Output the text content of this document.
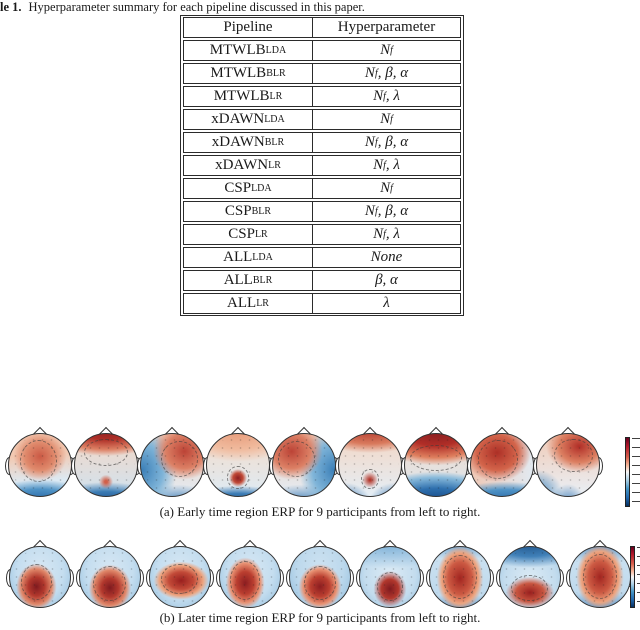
le 1. Hyperparameter summary for each pipeline discussed in this paper.
Pipeline	Hyperparameter
MTWLB LDA	N f
MTWLB BLR	N f , β, α
MTWLB LR	N f , λ
xDAWN LDA	N f
xDAWN BLR	N f , β, α
xDAWN LR	N f , λ
CSP LDA	N f
CSP BLR	N f , β, α
CSP LR	N f , λ
ALL LDA	None
ALL BLR	β, α
ALL LR	λ
(a) Early time region ERP for 9 participants from left to right.
(b) Later time region ERP for 9 participants from left to right.
